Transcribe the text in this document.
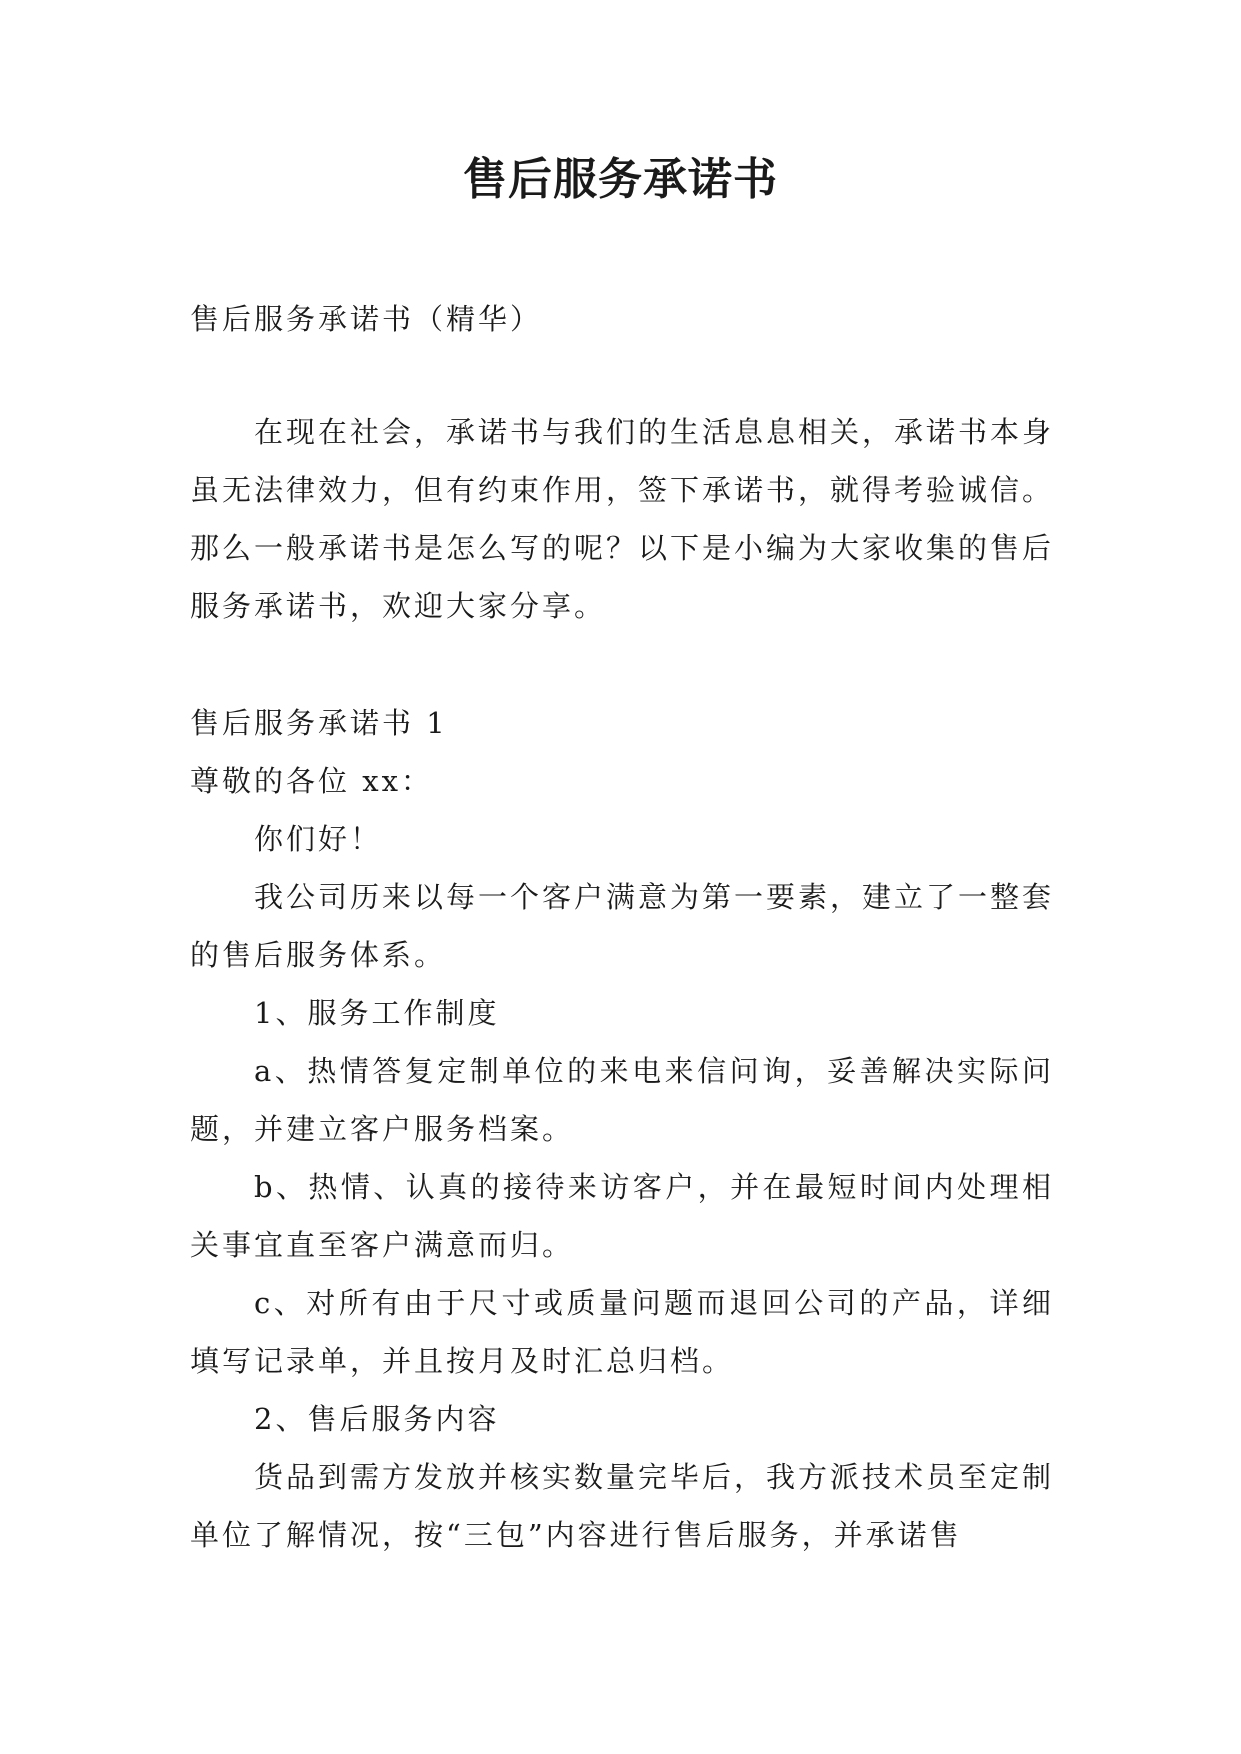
售后服务承诺书

售后服务承诺书（精华）

在现在社会，承诺书与我们的生活息息相关，承诺书本身虽无法律效力，但有约束作用，签下承诺书，就得考验诚信。那么一般承诺书是怎么写的呢？以下是小编为大家收集的售后服务承诺书，欢迎大家分享。

售后服务承诺书 1

尊敬的各位 xx：

你们好！

我公司历来以每一个客户满意为第一要素，建立了一整套的售后服务体系。

1、服务工作制度

a、热情答复定制单位的来电来信问询，妥善解决实际问题，并建立客户服务档案。

b、热情、认真的接待来访客户，并在最短时间内处理相关事宜直至客户满意而归。

c、对所有由于尺寸或质量问题而退回公司的产品，详细填写记录单，并且按月及时汇总归档。

2、售后服务内容

货品到需方发放并核实数量完毕后，我方派技术员至定制单位了解情况，按“三包”内容进行售后服务，并承诺售
